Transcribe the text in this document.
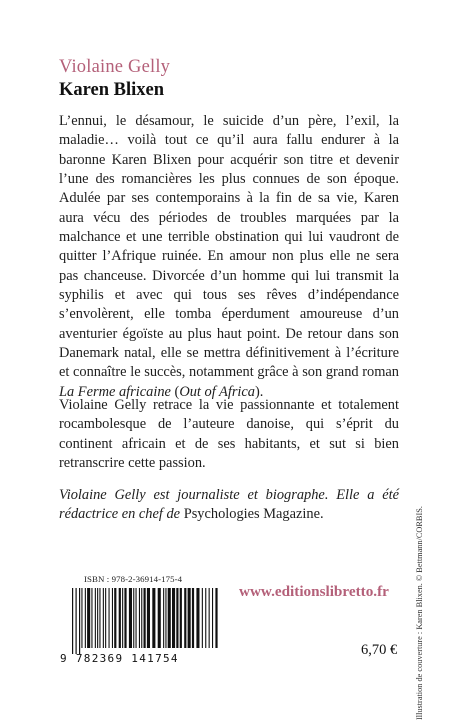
Violaine Gelly
Karen Blixen

L’ennui, le désamour, le suicide d’un père, l’exil, la maladie… voilà tout ce qu’il aura fallu endurer à la baronne Karen Blixen pour acquérir son titre et devenir l’une des romancières les plus connues de son époque. Adulée par ses contemporains à la fin de sa vie, Karen aura vécu des périodes de troubles marquées par la malchance et une terrible obstination qui lui vaudront de quitter l’Afrique ruinée. En amour non plus elle ne sera pas chanceuse. Divorcée d’un homme qui lui transmit la syphilis et avec qui tous ses rêves d’indépendance s’envolèrent, elle tomba éperdument amoureuse d’un aventurier égoïste au plus haut point. De retour dans son Danemark natal, elle se mettra définitivement à l’écriture et connaître le succès, notamment grâce à son grand roman La Ferme africaine (Out of Africa).

Violaine Gelly retrace la vie passionnante et totalement rocambolesque de l’auteure danoise, qui s’éprit du continent africain et de ses habitants, et sut si bien retranscrire cette passion.

Violaine Gelly est journaliste et biographe. Elle a été rédactrice en chef de Psychologies Magazine.	Illustration de couverture : Karen Blixen. © Bettmann/CORBIS.
ISBN : 978-2-36914-175-4
9 782369 141754
www.editionslibretto.fr
6,70 €
